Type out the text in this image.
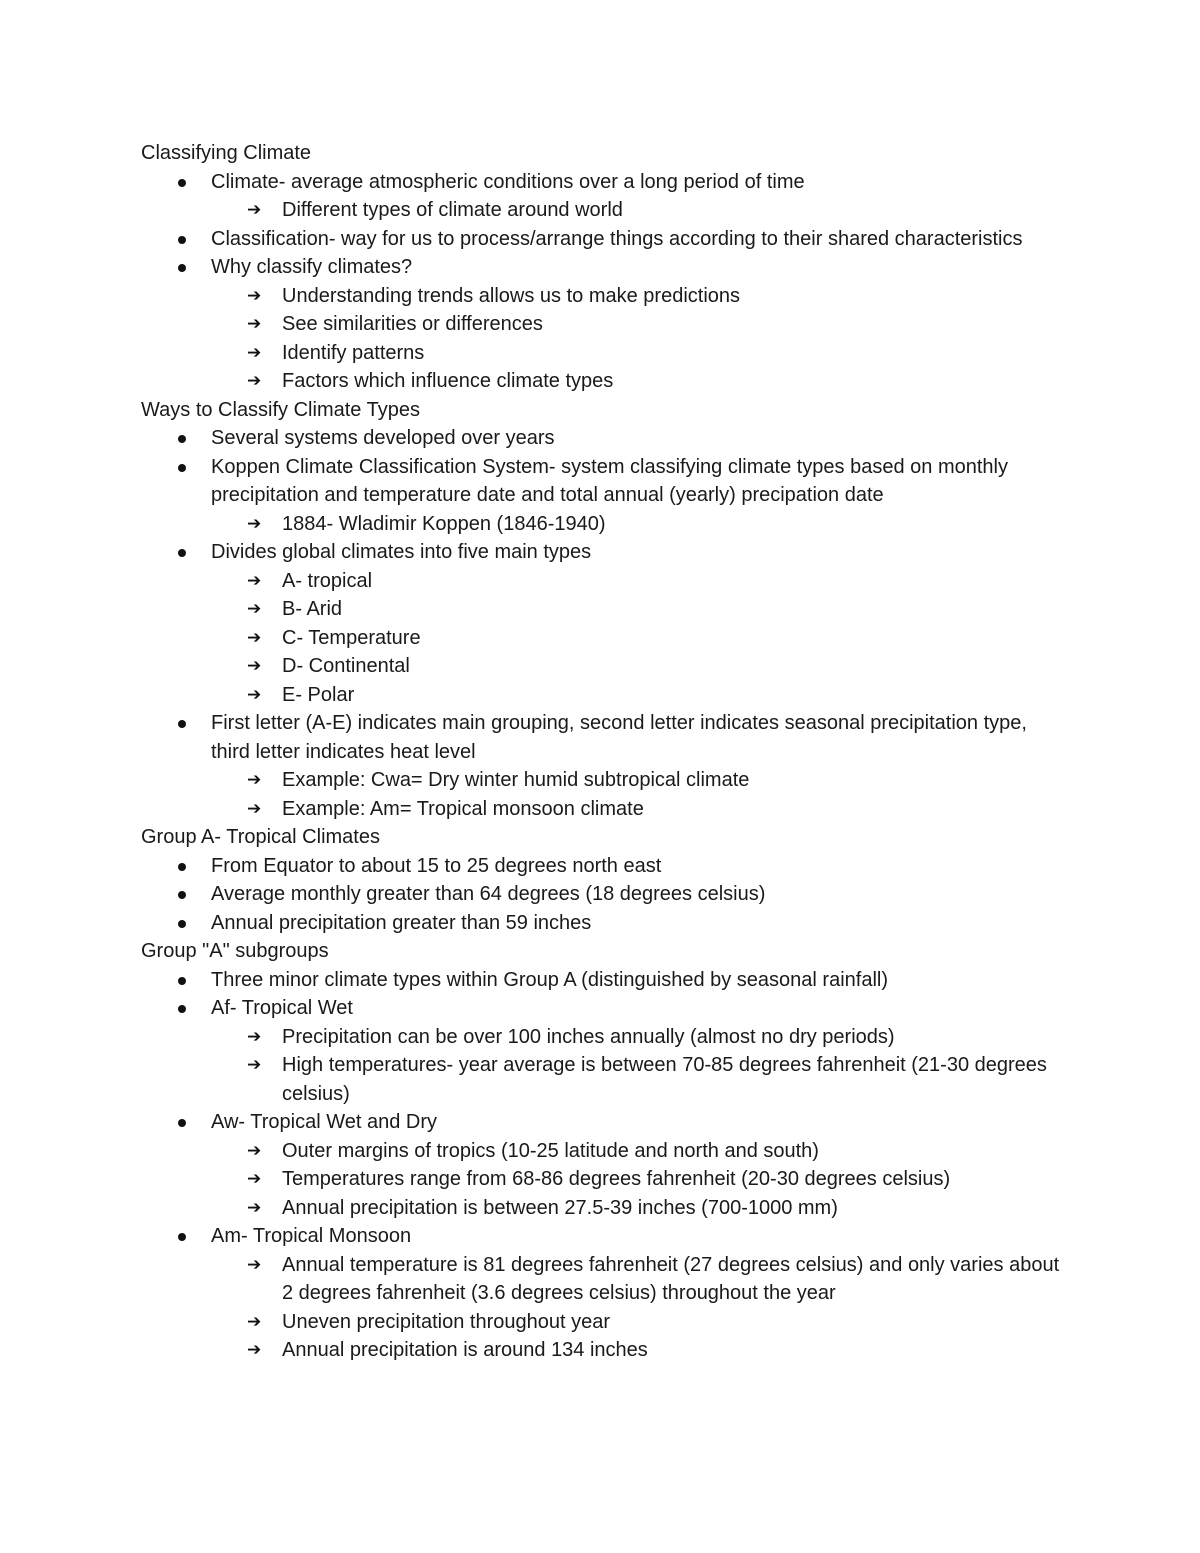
Classifying Climate
Climate- average atmospheric conditions over a long period of time
➔	Different types of climate around world
Classification- way for us to process/arrange things according to their shared characteristics
Why classify climates?
➔	Understanding trends allows us to make predictions
➔	See similarities or differences
➔	Identify patterns
➔	Factors which influence climate types
Ways to Classify Climate Types
Several systems developed over years
Koppen Climate Classification System- system classifying climate types based on monthly precipitation and temperature date and total annual (yearly) precipation date
➔	1884- Wladimir Koppen (1846-1940)
Divides global climates into five main types
➔	A- tropical
➔	B- Arid
➔	C- Temperature
➔	D- Continental
➔	E- Polar
First letter (A-E) indicates main grouping, second letter indicates seasonal precipitation type, third letter indicates heat level
➔	Example: Cwa= Dry winter humid subtropical climate
➔	Example: Am= Tropical monsoon climate
Group A- Tropical Climates
From Equator to about 15 to 25 degrees north east
Average monthly greater than 64 degrees (18 degrees celsius)
Annual precipitation greater than 59 inches
Group "A" subgroups
Three minor climate types within Group A (distinguished by seasonal rainfall)
Af- Tropical Wet
➔	Precipitation can be over 100 inches annually (almost no dry periods)
➔	High temperatures- year average is between 70-85 degrees fahrenheit (21-30 degrees celsius)
Aw- Tropical Wet and Dry
➔	Outer margins of tropics (10-25 latitude and north and south)
➔	Temperatures range from 68-86 degrees fahrenheit (20-30 degrees celsius)
➔	Annual precipitation is between 27.5-39 inches (700-1000 mm)
Am- Tropical Monsoon
➔	Annual temperature is 81 degrees fahrenheit (27 degrees celsius) and only varies about 2 degrees fahrenheit (3.6 degrees celsius) throughout the year
➔	Uneven precipitation throughout year
➔	Annual precipitation is around 134 inches
